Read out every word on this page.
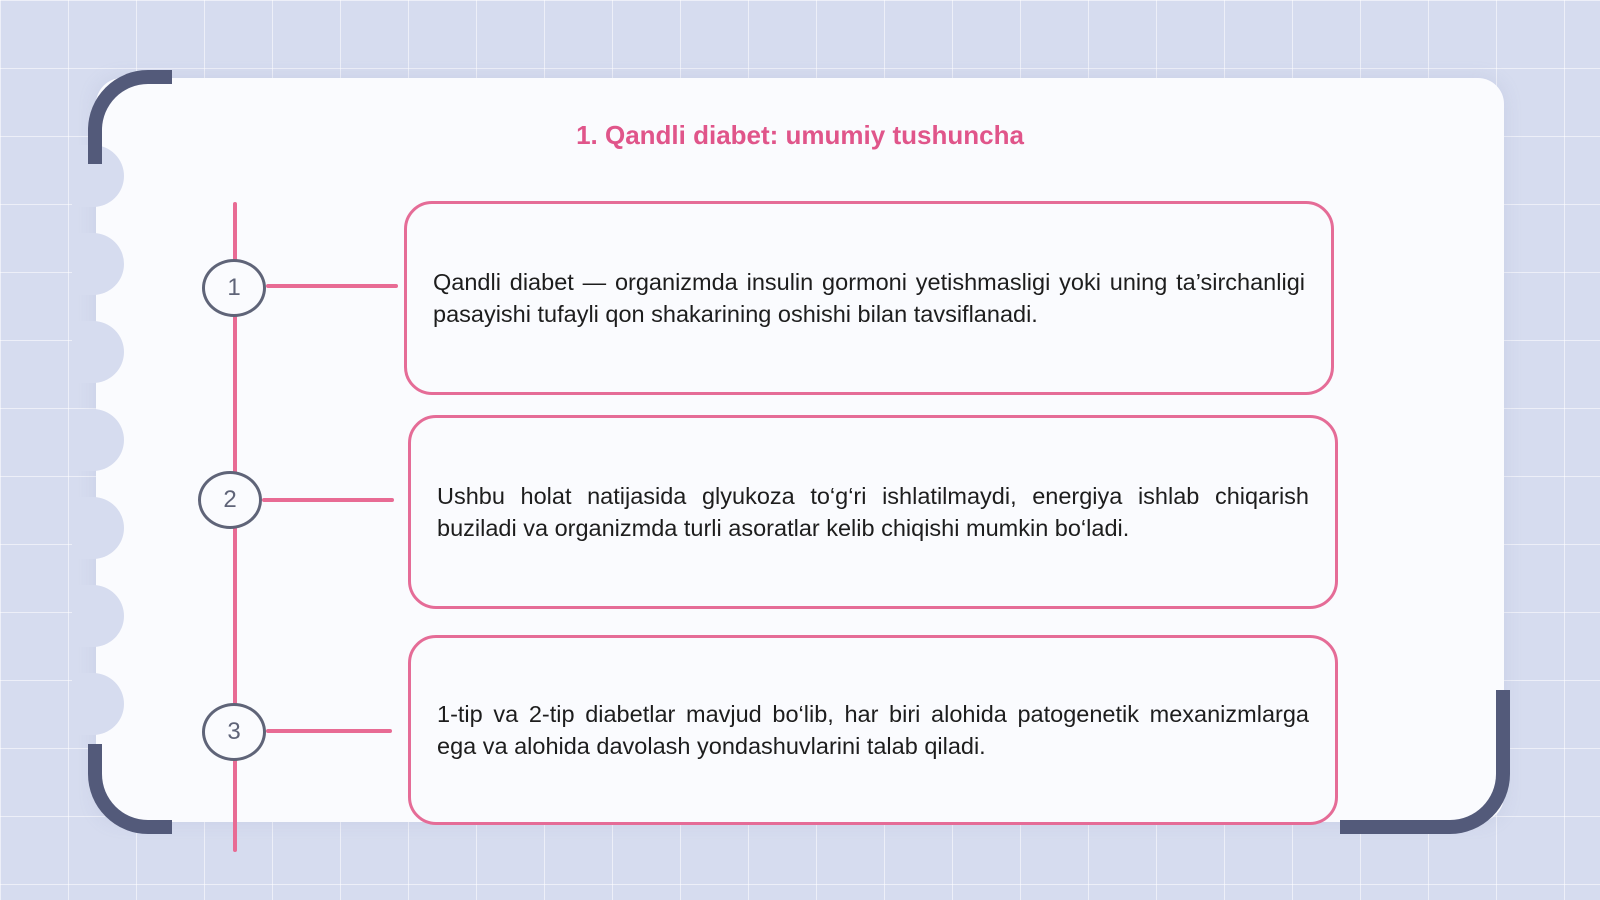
1. Qandli diabet: umumiy tushuncha
1	Qandli diabet — organizmda insulin gormoni yetishmasligi yoki uning ta’sirchanligi pasayishi tufayli qon shakarining oshishi bilan tavsiflanadi.
2	Ushbu holat natijasida glyukoza to‘g‘ri ishlatilmaydi, energiya ishlab chiqarish buziladi va organizmda turli asoratlar kelib chiqishi mumkin bo‘ladi.
3
1-tip va 2-tip diabetlar mavjud bo‘lib, har biri alohida patogenetik mexanizmlarga ega va alohida davolash yondashuvlarini talab qiladi.
